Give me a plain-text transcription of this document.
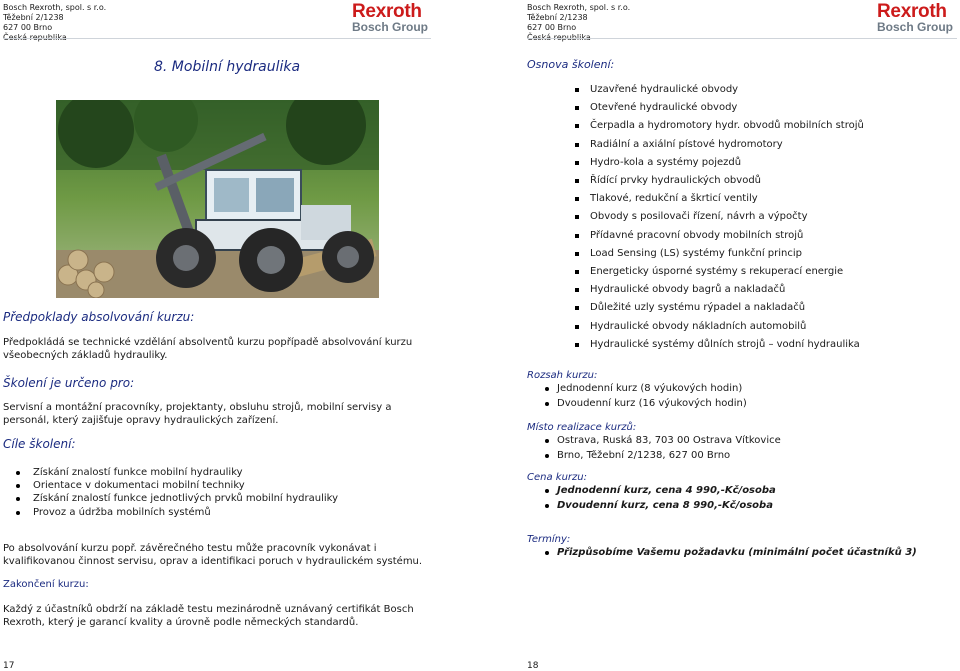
Bosch Rexroth, spol. s r.o.
Těžební 2/1238
627 00 Brno
Rexroth
Bosch Group
Bosch Rexroth, spol. s r.o.
Těžební 2/1238
627 00 Brno
Rexroth
Bosch Group
8. Mobilní hydraulika
Předpoklady absolvování kurzu:
Předpokládá se technické vzdělání absolventů kurzu popřípadě absolvování kurzu všeobecných základů hydrauliky.
Školení je určeno pro:
Servisní a montážní pracovníky, projektanty, obsluhu strojů, mobilní servisy a personál, který zajišťuje opravy hydraulických zařízení.
Cíle školení:
Získání znalostí funkce mobilní hydrauliky
Orientace v dokumentaci mobilní techniky
Získání znalostí funkce jednotlivých prvků mobilní hydrauliky
Provoz a údržba mobilních systémů
Po absolvování kurzu popř. závěrečného testu může pracovník vykonávat i kvalifikovanou činnost servisu, oprav a identifikaci poruch v hydraulickém systému.
Zakončení kurzu:
Každý z účastníků obdrží na základě testu mezinárodně uznávaný certifikát Bosch Rexroth, který je garancí kvality a úrovně podle německých standardů.
17
Osnova školení:
Uzavřené hydraulické obvody
Otevřené hydraulické obvody
Čerpadla a hydromotory hydr. obvodů mobilních strojů
Radiální a axiální pístové hydromotory
Hydro-kola a systémy pojezdů
Řídící prvky hydraulických obvodů
Tlakové, redukční a škrticí ventily
Obvody s posilovači řízení, návrh a výpočty
Přídavné pracovní obvody mobilních strojů
Load Sensing (LS) systémy funkční princip
Energeticky úsporné systémy s rekuperací energie
Hydraulické obvody bagrů a nakladačů
Důležité uzly systému rýpadel a nakladačů
Hydraulické obvody nákladních automobilů
Hydraulické systémy důlních strojů – vodní hydraulika
Rozsah kurzu:
Jednodenní kurz (8 výukových hodin)
Dvoudenní kurz (16 výukových hodin)
Místo realizace kurzů:
Ostrava, Ruská 83, 703 00 Ostrava Vítkovice
Brno, Těžební 2/1238, 627 00 Brno
Cena kurzu:
Jednodenní kurz, cena 4 990,-Kč/osoba
Dvoudenní kurz, cena 8 990,-Kč/osoba
Termíny:
Přizpůsobíme Vašemu požadavku (minimální počet účastníků 3)
18
